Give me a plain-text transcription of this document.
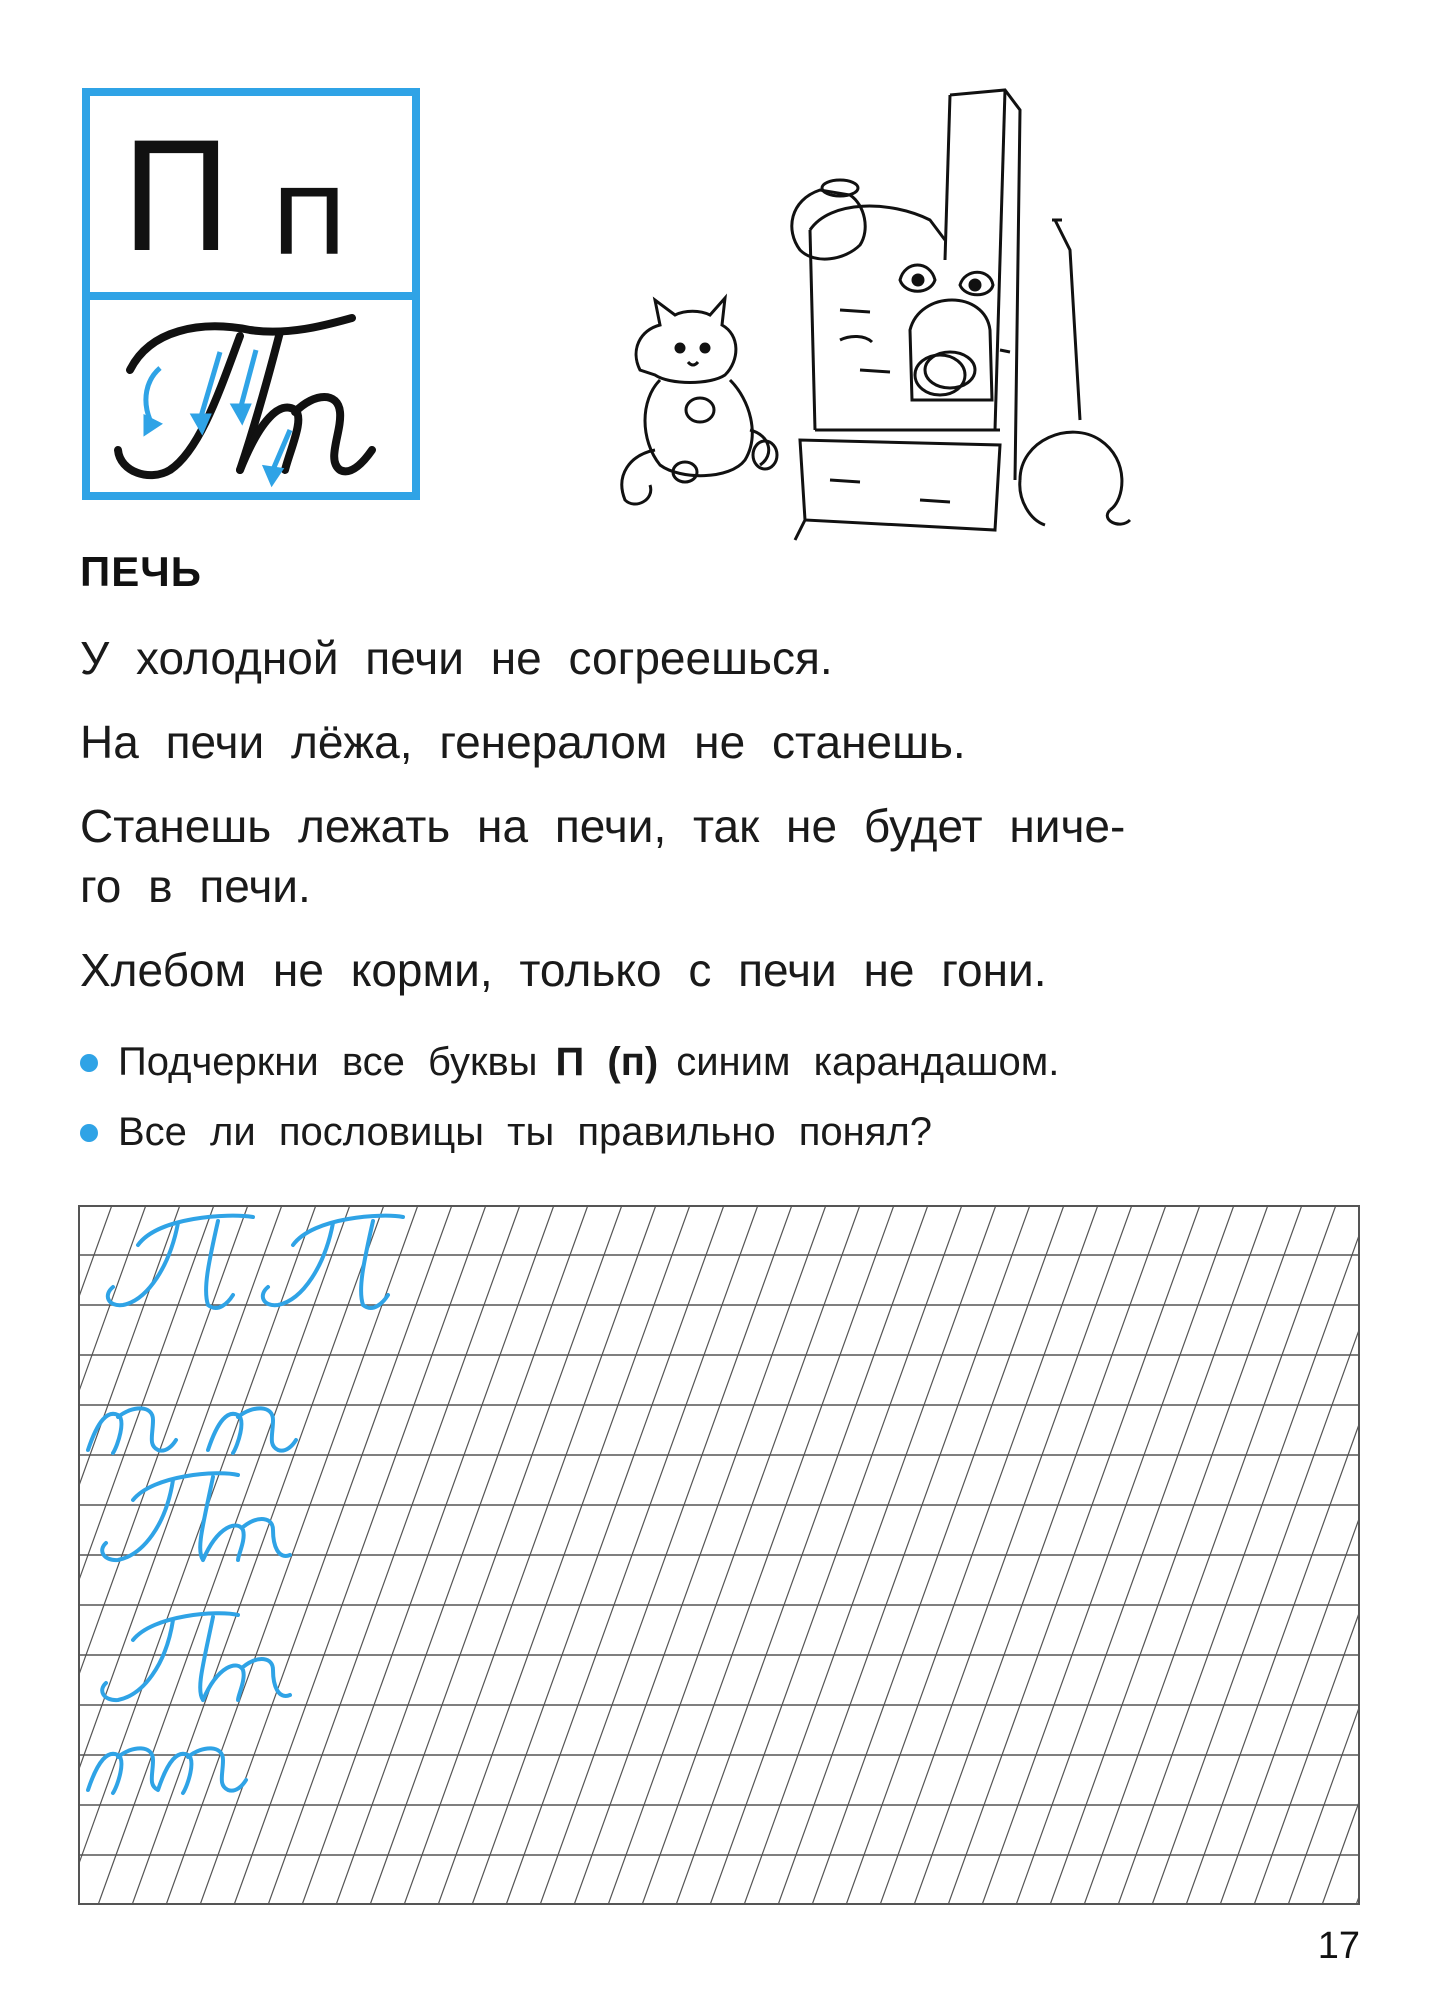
П п
ПЕЧЬ
У холодной печи не согреешься.
На печи лёжа, генералом не станешь.
Станешь лежать на печи, так не будет ниче-
го в печи.
Хлебом не корми, только с печи не гони.
Подчеркни все буквы П (п) синим карандашом.
Все ли пословицы ты правильно понял?
17
